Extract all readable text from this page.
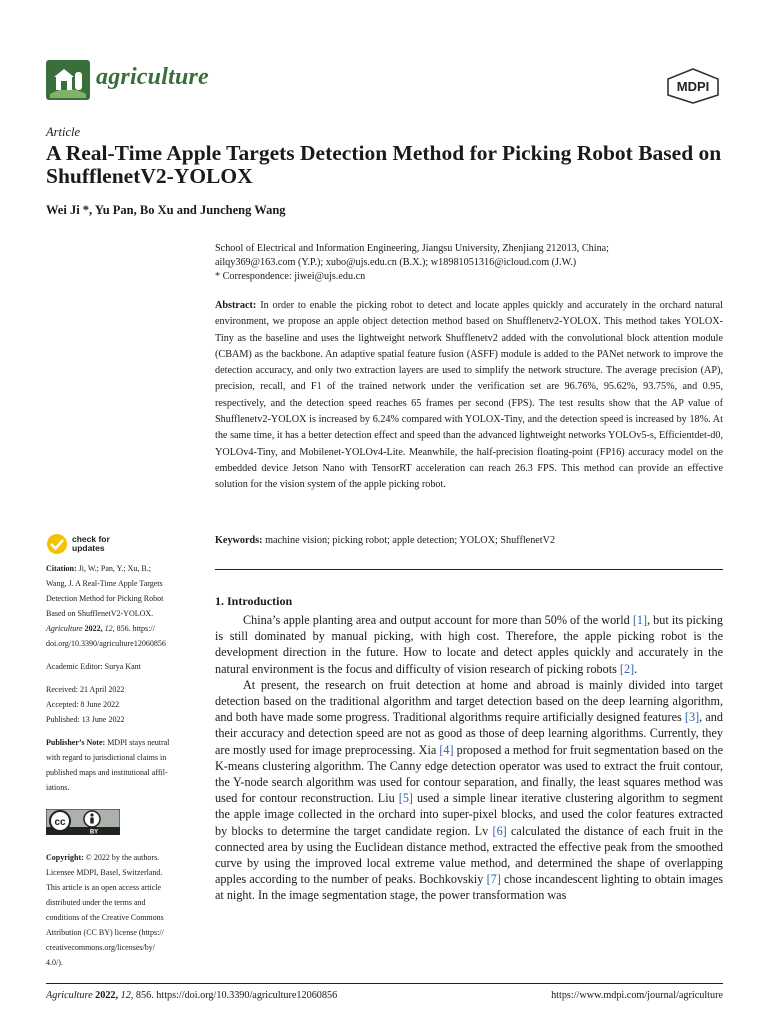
agriculture	MDPI
Article
A Real-Time Apple Targets Detection Method for Picking Robot Based on ShufflenetV2-YOLOX
Wei Ji *, Yu Pan, Bo Xu and Juncheng Wang
School of Electrical and Information Engineering, Jiangsu University, Zhenjiang 212013, China;
ailqy369@163.com (Y.P.); xubo@ujs.edu.cn (B.X.); w18981051316@icloud.com (J.W.)
* Correspondence: jiwei@ujs.edu.cn

Abstract: In order to enable the picking robot to detect and locate apples quickly and accurately in the orchard natural environment, we propose an apple object detection method based on Shufflenetv2-YOLOX. This method takes YOLOX-Tiny as the baseline and uses the lightweight network Shufflenetv2 added with the convolutional block attention module (CBAM) as the backbone. An adaptive spatial feature fusion (ASFF) module is added to the PANet network to improve the detection accuracy, and only two extraction layers are used to simplify the network structure. The average precision (AP), precision, recall, and F1 of the trained network under the verification set are 96.76%, 95.62%, 93.75%, and 0.95, respectively, and the detection speed reaches 65 frames per second (FPS). The test results show that the AP value of Shufflenetv2-YOLOX is increased by 6.24% compared with YOLOX-Tiny, and the detection speed is increased by 18%. At the same time, it has a better detection effect and speed than the advanced lightweight networks YOLOv5-s, Efficientdet-d0, YOLOv4-Tiny, and Mobilenet-YOLOv4-Lite. Meanwhile, the half-precision floating-point (FP16) accuracy model on the embedded device Jetson Nano with TensorRT acceleration can reach 26.3 FPS. This method can provide an effective solution for the vision system of the apple picking robot.

Keywords: machine vision; picking robot; apple detection; YOLOX; ShufflenetV2
check for
updates
Citation: Ji, W.; Pan, Y.; Xu, B.;
Wang, J. A Real-Time Apple Targets
Detection Method for Picking Robot
Based on ShufflenetV2-YOLOX.
Agriculture 2022, 12, 856. https://
doi.org/10.3390/agriculture12060856
Academic Editor: Surya Kant
Received: 21 April 2022
Accepted: 8 June 2022
Published: 13 June 2022
Publisher’s Note: MDPI stays neutral
with regard to jurisdictional claims in
published maps and institutional affil-
iations.
cc
BY
Copyright: © 2022 by the authors.
Licensee MDPI, Basel, Switzerland.
This article is an open access article
distributed under the terms and
conditions of the Creative Commons
Attribution (CC BY) license (https://
creativecommons.org/licenses/by/
4.0/).
1. Introduction

China’s apple planting area and output account for more than 50% of the world [1], but its picking is still dominated by manual picking, with high cost. Therefore, the apple picking robot is the development direction in the future. How to locate and detect apples quickly and accurately in the natural environment is the focus and difficulty of vision research of picking robots [2].

At present, the research on fruit detection at home and abroad is mainly divided into target detection based on the traditional algorithm and target detection based on the deep learning algorithm, and both have made some progress. Traditional algorithms require artificially designed features [3], and their accuracy and detection speed are not as good as those of deep learning algorithms. Currently, they are mostly used for image preprocessing. Xia [4] proposed a method for fruit segmentation based on the K-means clustering algorithm. The Canny edge detection operator was used to extract the fruit contour, the Y-node search algorithm was used for contour separation, and finally, the least squares method was used for contour reconstruction. Liu [5] used a simple linear iterative clustering algorithm to segment the apple image collected in the orchard into super-pixel blocks, and used the color features extracted by blocks to determine the target candidate region. Lv [6] calculated the distance of each fruit in the connected area by using the Euclidean distance method, extracted the effective peak from the smoothed curve by using the improved local extreme value method, and determined the shape of overlapping apples according to the number of peaks. Bochkovskiy [7] chose incandescent lighting to obtain images at night. In the image segmentation stage, the power transformation was

Agriculture 2022, 12, 856. https://doi.org/10.3390/agriculture12060856	https://www.mdpi.com/journal/agriculture
